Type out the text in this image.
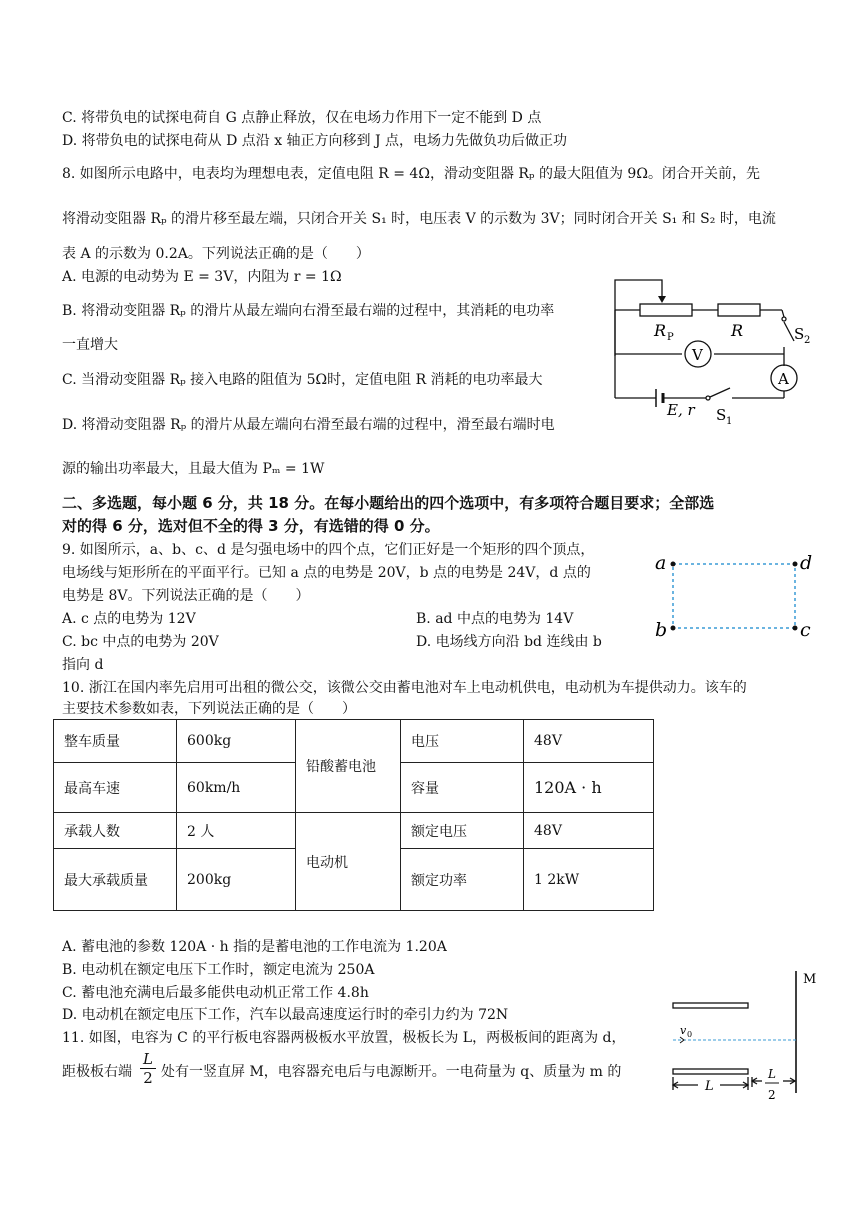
C. 将带负电的试探电荷自 G 点静止释放，仅在电场力作用下一定不能到 D 点
D. 将带负电的试探电荷从 D 点沿 x 轴正方向移到 J 点，电场力先做负功后做正功
8. 如图所示电路中，电表均为理想电表，定值电阻 R = 4Ω，滑动变阻器 Rₚ 的最大阻值为 9Ω。闭合开关前，先
将滑动变阻器 Rₚ 的滑片移至最左端，只闭合开关 S₁ 时，电压表 V 的示数为 3V；同时闭合开关 S₁ 和 S₂ 时，电流
表 A 的示数为 0.2A。下列说法正确的是（　　）
A. 电源的电动势为 E = 3V，内阻为 r = 1Ω
B. 将滑动变阻器 Rₚ 的滑片从最左端向右滑至最右端的过程中，其消耗的电功率
一直增大
C. 当滑动变阻器 Rₚ 接入电路的阻值为 5Ω时，定值电阻 R 消耗的电功率最大
D. 将滑动变阻器 Rₚ 的滑片从最左端向右滑至最右端的过程中，滑至最右端时电
源的输出功率最大，且最大值为 Pₘ = 1W
R P	R	S 2
V
A
E, r S 1
二、多选题，每小题 6 分，共 18 分。在每小题给出的四个选项中，有多项符合题目要求；全部选
对的得 6 分，选对但不全的得 3 分，有选错的得 0 分。
9. 如图所示，a、b、c、d 是匀强电场中的四个点，它们正好是一个矩形的四个顶点，
电场线与矩形所在的平面平行。已知 a 点的电势是 20V，b 点的电势是 24V，d 点的
电势是 8V。下列说法正确的是（　　）
A. c 点的电势为 12V	B. ad 中点的电势为 14V
C. bc 中点的电势为 20V	D. 电场线方向沿 bd 连线由 b
指向 d
a	d
b	c
10. 浙江在国内率先启用可出租的微公交，该微公交由蓄电池对车上电动机供电，电动机为车提供动力。该车的
主要技术参数如表，下列说法正确的是（　　）
整车质量	600kg	铅酸蓄电池	电压	48V
最高车速	60km/h		容量	120A · h
承载人数	2 人	电动机	额定电压	48V
最大承载质量	200kg		额定功率	1 2kW
A. 蓄电池的参数 120A · h 指的是蓄电池的工作电流为 1.20A
B. 电动机在额定电压下工作时，额定电流为 250A
C. 蓄电池充满电后最多能供电动机正常工作 4.8h
D. 电动机在额定电压下工作，汽车以最高速度运行时的牵引力约为 72N
11. 如图，电容为 C 的平行板电容器两极板水平放置，极板长为 L，两极板间的距离为 d，
距极板右端
L
2 处有一竖直屏 M，电容器充电后与电源断开。一电荷量为 q、质量为 m 的
M
v 0
L
L
2
